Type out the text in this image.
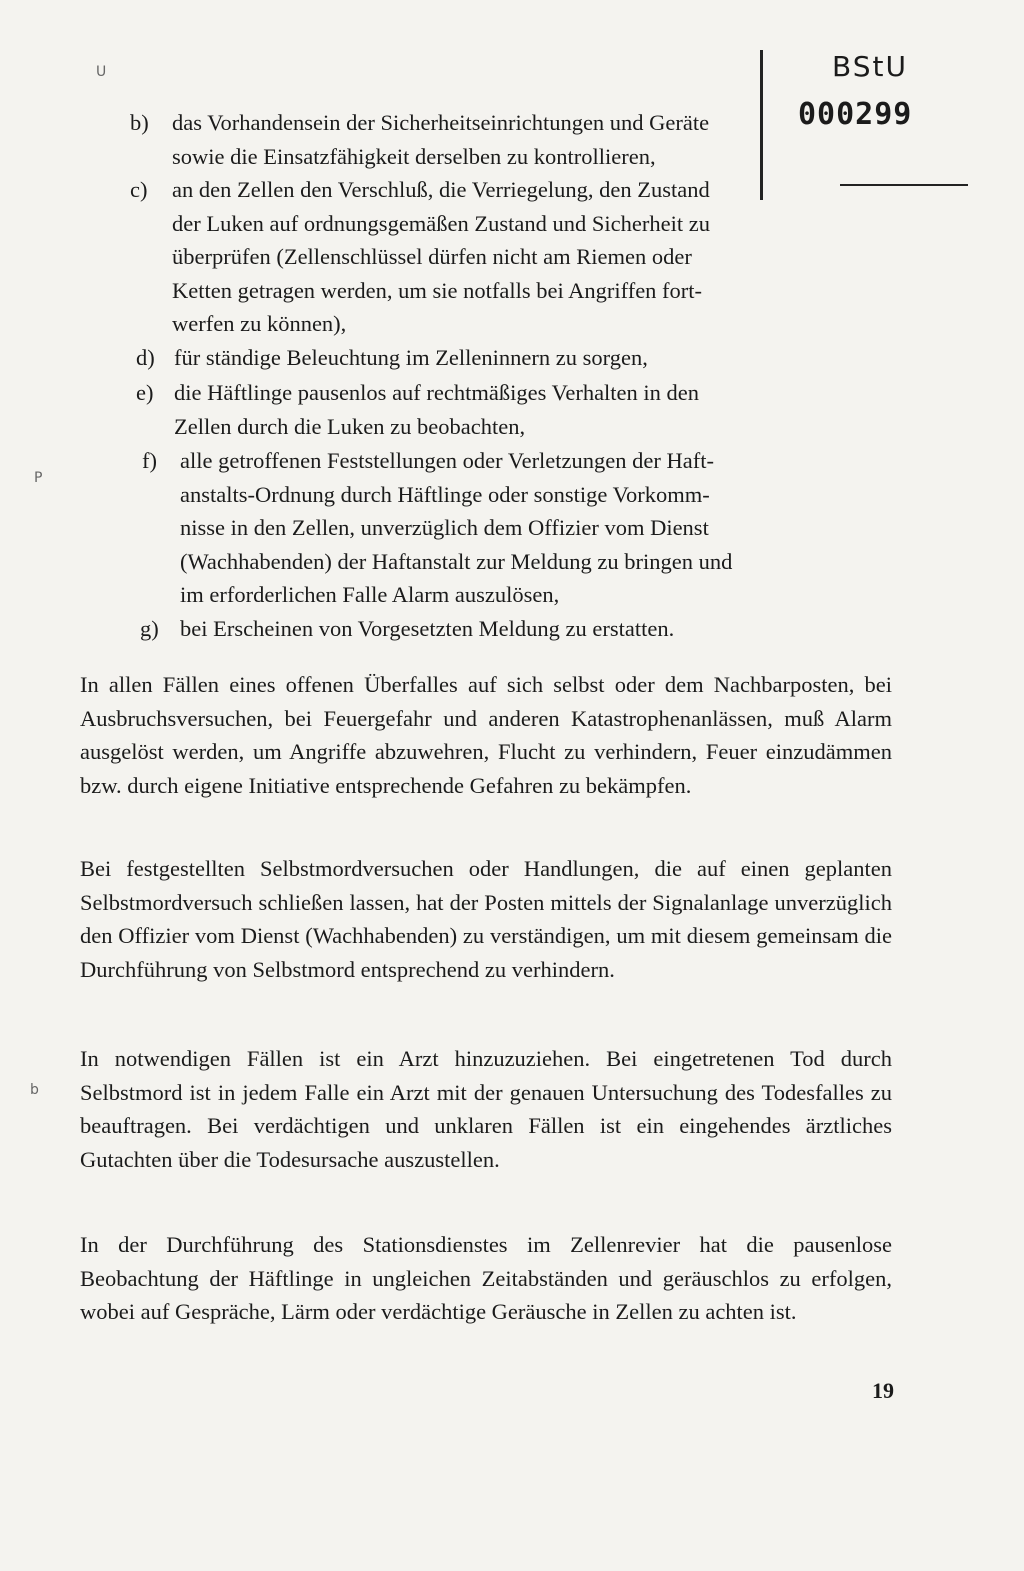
BStU
000299
U
P
b
b) das Vorhandensein der Sicherheitseinrichtungen und Geräte
sowie die Einsatzfähigkeit derselben zu kontrollieren,
c) an den Zellen den Verschluß, die Verriegelung, den Zustand
der Luken auf ordnungsgemäßen Zustand und Sicherheit zu
überprüfen (Zellenschlüssel dürfen nicht am Riemen oder
Ketten getragen werden, um sie notfalls bei Angriffen fort-
werfen zu können),
d) für ständige Beleuchtung im Zelleninnern zu sorgen,
e) die Häftlinge pausenlos auf rechtmäßiges Verhalten in den
Zellen durch die Luken zu beobachten,
f) alle getroffenen Feststellungen oder Verletzungen der Haft-
anstalts-Ordnung durch Häftlinge oder sonstige Vorkomm-
nisse in den Zellen, unverzüglich dem Offizier vom Dienst
(Wachhabenden) der Haftanstalt zur Meldung zu bringen und
im erforderlichen Falle Alarm auszulösen,
g) bei Erscheinen von Vorgesetzten Meldung zu erstatten.
In allen Fällen eines offenen Überfalles auf sich selbst oder dem Nachbarposten, bei Ausbruchsversuchen, bei Feuergefahr und anderen Katastrophenanlässen, muß Alarm ausgelöst werden, um Angriffe abzuwehren, Flucht zu verhindern, Feuer einzudämmen bzw. durch eigene Initiative entsprechende Gefahren zu bekämpfen.
Bei festgestellten Selbstmordversuchen oder Handlungen, die auf einen geplanten Selbstmordversuch schließen lassen, hat der Posten mittels der Signalanlage unverzüglich den Offizier vom Dienst (Wachhabenden) zu verständigen, um mit diesem gemeinsam die Durchführung von Selbstmord entsprechend zu verhindern.
In notwendigen Fällen ist ein Arzt hinzuzuziehen. Bei eingetretenen Tod durch Selbstmord ist in jedem Falle ein Arzt mit der genauen Untersuchung des Todesfalles zu beauftragen. Bei verdächtigen und unklaren Fällen ist ein eingehendes ärztliches Gutachten über die Todesursache auszustellen.
In der Durchführung des Stationsdienstes im Zellenrevier hat die pausenlose Beobachtung der Häftlinge in ungleichen Zeitabständen und geräuschlos zu erfolgen, wobei auf Gespräche, Lärm oder verdächtige Geräusche in Zellen zu achten ist.
19
